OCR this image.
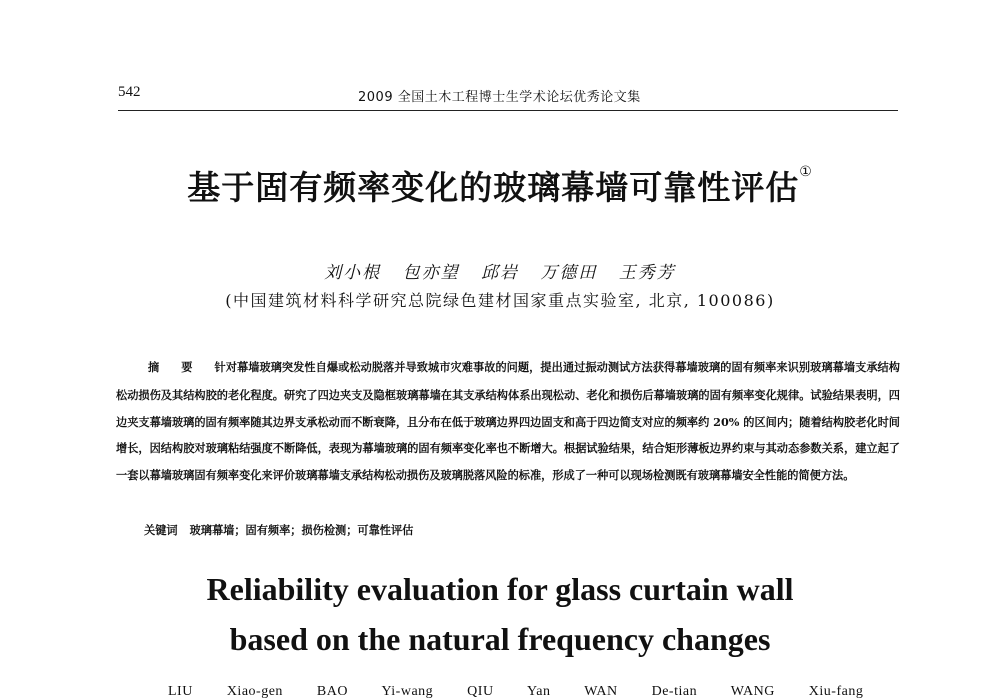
542	2009 全国土木工程博士生学术论坛优秀论文集
基于固有频率变化的玻璃幕墙可靠性评估①
刘小根 包亦望 邱岩 万德田 王秀芳
(中国建筑材料科学研究总院绿色建材国家重点实验室, 北京, 100086)
摘要针对幕墙玻璃突发性自爆或松动脱落并导致城市灾难事故的问题，提出通过振动测试方法获得幕墙玻璃的固有频率来识别玻璃幕墙支承结构松动损伤及其结构胶的老化程度。研究了四边夹支及隐框玻璃幕墙在其支承结构体系出现松动、老化和损伤后幕墙玻璃的固有频率变化规律。试验结果表明，四边夹支幕墙玻璃的固有频率随其边界支承松动而不断衰降，且分布在低于玻璃边界四边固支和高于四边简支对应的频率约 20% 的区间内；随着结构胶老化时间增长，因结构胶对玻璃粘结强度不断降低，表现为幕墙玻璃的固有频率变化率也不断增大。根据试验结果，结合矩形薄板边界约束与其动态参数关系，建立起了一套以幕墙玻璃固有频率变化来评价玻璃幕墙支承结构松动损伤及玻璃脱落风险的标准，形成了一种可以现场检测既有玻璃幕墙安全性能的简便方法。
关键词 玻璃幕墙；固有频率；损伤检测；可靠性评估
Reliability evaluation for glass curtain wall
based on the natural frequency changes
LIU Xiao-gen BAO Yi-wang QIU Yan WAN De-tian WANG Xiu-fang
